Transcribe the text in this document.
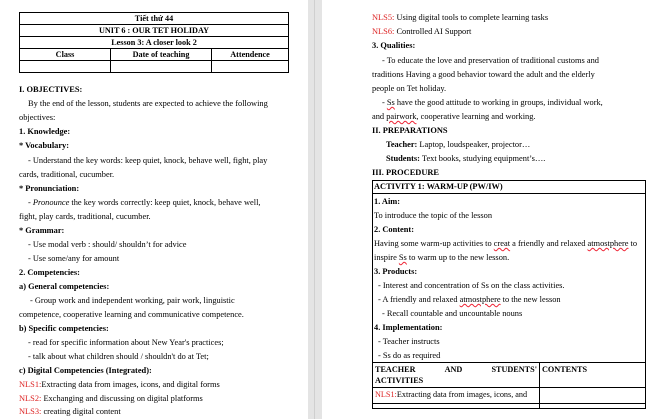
Tiết thứ 44		
UNIT 6 : OUR TET HOLIDAY		
Lesson 3: A closer look 2		
Class	Date of teaching	Attendence

I. OBJECTIVES:
By the end of the lesson, students are expected to achieve the following
objectives:
1. Knowledge:
* Vocabulary:
- Understand the key words: keep quiet, knock, behave well, fight, play
cards, traditional, cucumber.
* Pronunciation:
- Pronounce the key words correctly: keep quiet, knock, behave well,
fight, play cards, traditional, cucumber.
* Grammar:
- Use modal verb : should/ shouldn’t for advice
- Use some/any for amount
2. Competencies:
a) General competencies:
- Group work and independent working, pair work, linguistic
competence, cooperative learning and communicative competence.
b) Specific competencies:
- read for specific information about New Year's practices;
- talk about what children should / shouldn't do at Tet;
c) Digital Competencies (Integrated):
NLS1:Extracting data from images, icons, and digital forms
NLS2: Exchanging and discussing on digital platforms
NLS3: creating digital content
NLS5: Using digital tools to complete learning tasks
NLS6: Controlled AI Support
3. Qualities:
- To educate the love and preservation of traditional customs and
traditions Having a good behavior toward the adult and the elderly
people on Tet holiday.
- Ss have the good attitude to working in groups, individual work,
and pairwork, cooperative learning and working.
II. PREPARATIONS
Teacher: Laptop, loudspeaker, projector…
Students: Text books, studying equipment’s….
III. PROCEDURE
ACTIVITY 1: WARM-UP (PW/IW)
1. Aim:
To introduce the topic of the lesson
2. Content:
Having some warm-up activities to creat a friendly and relaxed atmostphere to
inspire Ss to warm up to the new lesson.
3. Products:
- Interest and concentration of Ss on the class activities.
- A friendly and relaxed atmostphere to the new lesson
- Recall countable and uncountable nouns
4. Implementation:
- Teacher instructs
- Ss do as required
TEACHER AND STUDENTS'
ACTIVITIES	CONTENTS
NLS1:Extracting data from images, icons, and	
